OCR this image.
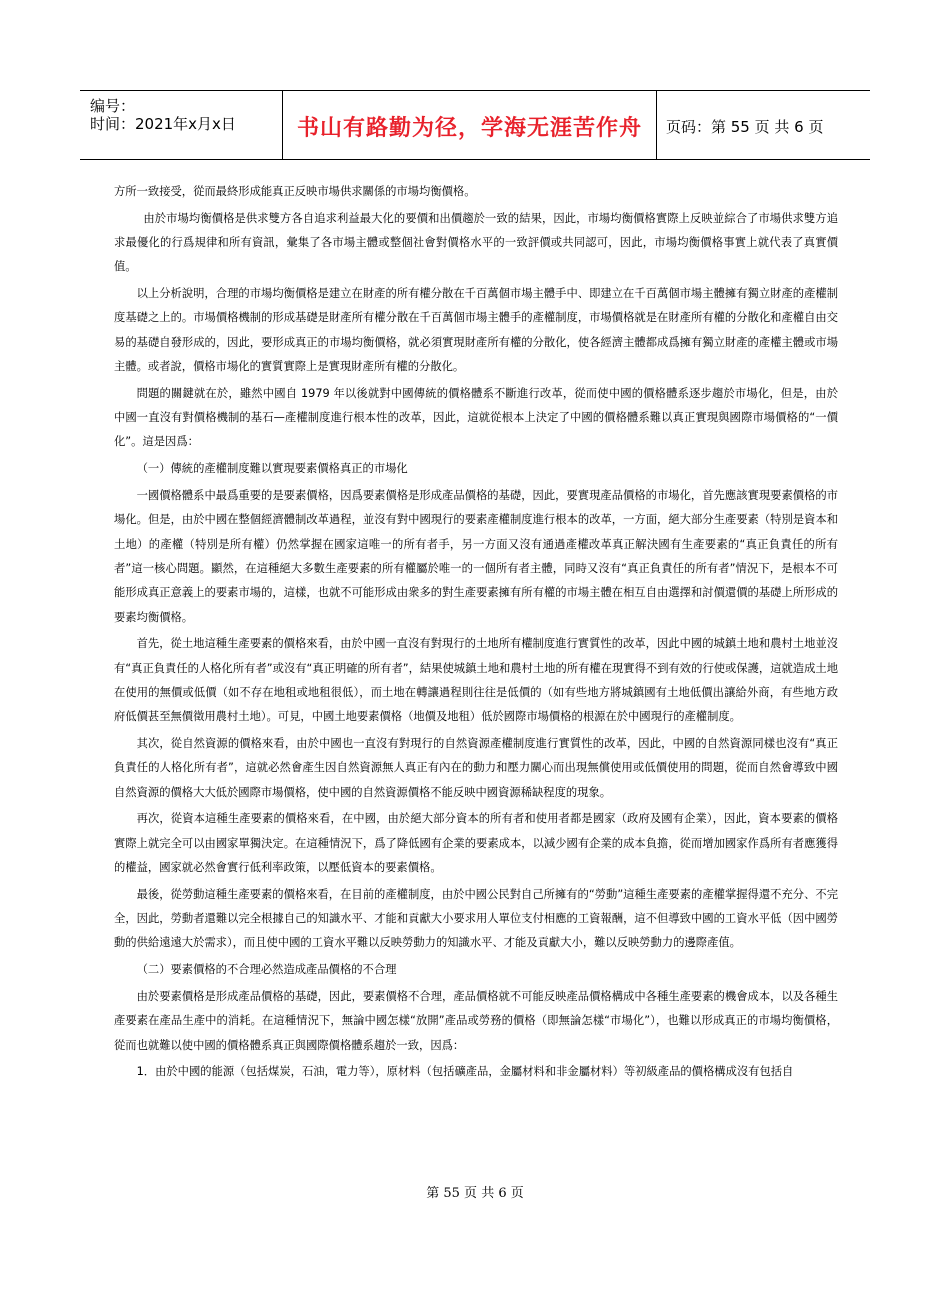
编号：
时间：2021年x月x日	书山有路勤为径，学海无涯苦作舟	页码：第 55 页 共 6 页

方所一致接受，從而最終形成能真正反映市場供求關係的市場均衡價格。

由於市場均衡價格是供求雙方各自追求利益最大化的要價和出價趨於一致的結果，因此，市場均衡價格實際上反映並綜合了市場供求雙方追求最優化的行爲規律和所有資訊，彙集了各市場主體或整個社會對價格水平的一致評價或共同認可，因此，市場均衡價格事實上就代表了真實價值。

以上分析說明，合理的市場均衡價格是建立在財產的所有權分散在千百萬個市場主體手中、即建立在千百萬個市場主體擁有獨立財產的產權制度基礎之上的。市場價格機制的形成基礎是財產所有權分散在千百萬個市場主體手的產權制度，市場價格就是在財產所有權的分散化和產權自由交易的基礎自發形成的，因此，要形成真正的市場均衡價格，就必須實現財產所有權的分散化，使各經濟主體都成爲擁有獨立財產的產權主體或市場主體。或者說，價格市場化的實質實際上是實現財產所有權的分散化。

問題的關鍵就在於，雖然中國自 1979 年以後就對中國傳統的價格體系不斷進行改革，從而使中國的價格體系逐步趨於市場化，但是，由於中國一直沒有對價格機制的基石—產權制度進行根本性的改革，因此，這就從根本上決定了中國的價格體系難以真正實現與國際市場價格的“一價化”。這是因爲：

（一）傳統的產權制度難以實現要素價格真正的市場化

一國價格體系中最爲重要的是要素價格，因爲要素價格是形成產品價格的基礎，因此，要實現產品價格的市場化，首先應該實現要素價格的市場化。但是，由於中國在整個經濟體制改革過程，並沒有對中國現行的要素產權制度進行根本的改革，一方面，絕大部分生產要素（特別是資本和土地）的產權（特別是所有權）仍然掌握在國家這唯一的所有者手，另一方面又沒有通過產權改革真正解決國有生產要素的“真正負責任的所有者”這一核心問題。顯然，在這種絕大多數生產要素的所有權屬於唯一的一個所有者主體，同時又沒有“真正負責任的所有者”情況下，是根本不可能形成真正意義上的要素市場的，這樣，也就不可能形成由衆多的對生產要素擁有所有權的市場主體在相互自由選擇和討價還價的基礎上所形成的要素均衡價格。

首先，從土地這種生產要素的價格來看，由於中國一直沒有對現行的土地所有權制度進行實質性的改革，因此中國的城鎮土地和農村土地並沒有“真正負責任的人格化所有者”或沒有“真正明確的所有者”，結果使城鎮土地和農村土地的所有權在現實得不到有效的行使或保護，這就造成土地在使用的無價或低價（如不存在地租或地租很低），而土地在轉讓過程則往往是低價的（如有些地方將城鎮國有土地低價出讓給外商，有些地方政府低價甚至無價徵用農村土地）。可見，中國土地要素價格（地價及地租）低於國際市場價格的根源在於中國現行的產權制度。

其次，從自然資源的價格來看，由於中國也一直沒有對現行的自然資源產權制度進行實質性的改革，因此，中國的自然資源同樣也沒有“真正負責任的人格化所有者”，這就必然會產生因自然資源無人真正有內在的動力和壓力關心而出現無償使用或低價使用的問題，從而自然會導致中國自然資源的價格大大低於國際市場價格，使中國的自然資源價格不能反映中國資源稀缺程度的現象。

再次，從資本這種生產要素的價格來看，在中國，由於絕大部分資本的所有者和使用者都是國家（政府及國有企業），因此，資本要素的價格實際上就完全可以由國家單獨決定。在這種情況下，爲了降低國有企業的要素成本，以減少國有企業的成本負擔，從而增加國家作爲所有者應獲得的權益，國家就必然會實行低利率政策，以壓低資本的要素價格。

最後，從勞動這種生產要素的價格來看，在目前的產權制度，由於中國公民對自己所擁有的“勞動”這種生產要素的產權掌握得還不充分、不完全，因此，勞動者還難以完全根據自己的知識水平、才能和貢獻大小要求用人單位支付相應的工資報酬，這不但導致中國的工資水平低（因中國勞動的供給遠遠大於需求），而且使中國的工資水平難以反映勞動力的知識水平、才能及貢獻大小，難以反映勞動力的邊際產值。

（二）要素價格的不合理必然造成產品價格的不合理

由於要素價格是形成產品價格的基礎，因此，要素價格不合理，產品價格就不可能反映產品價格構成中各種生產要素的機會成本，以及各種生產要素在產品生產中的消耗。在這種情況下，無論中國怎樣“放開”產品或勞務的價格（即無論怎樣“市場化”），也難以形成真正的市場均衡價格，從而也就難以使中國的價格體系真正與國際價格體系趨於一致，因爲：

1．由於中國的能源（包括煤炭，石油，電力等），原材料（包括礦產品，金屬材料和非金屬材料）等初級產品的價格構成沒有包括自

第 55 页 共 6 页
